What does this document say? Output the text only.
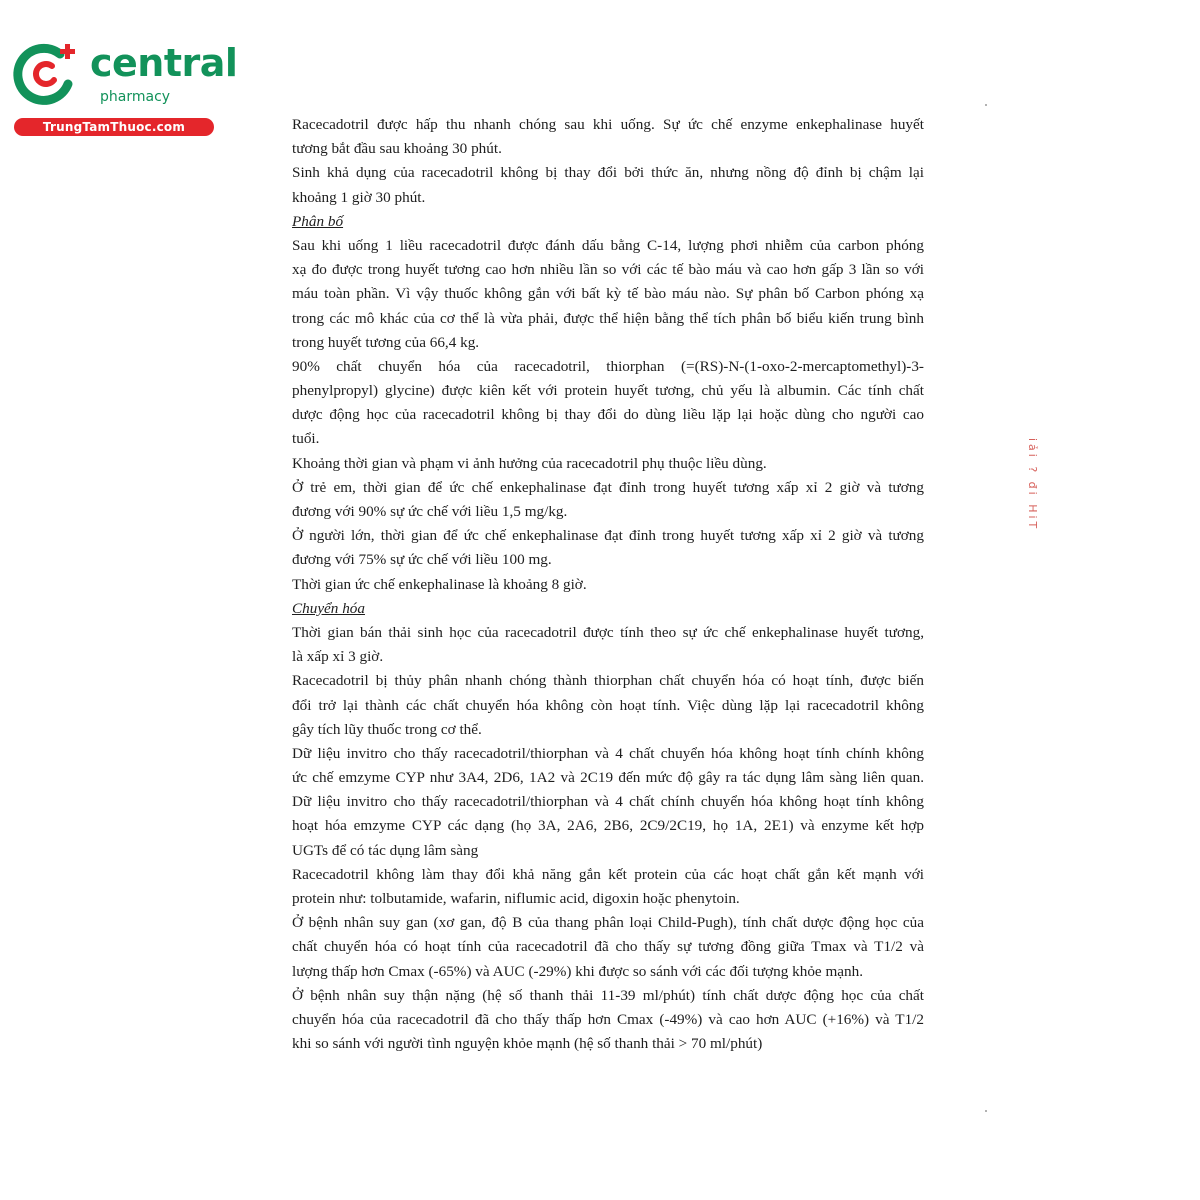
central
pharmacy
TrungTamThuoc.com	Racecadotril được hấp thu nhanh chóng sau khi uống. Sự ức chế enzyme enkephalinase huyết
tương bắt đầu sau khoảng 30 phút.
Sinh khả dụng của racecadotril không bị thay đổi bởi thức ăn, nhưng nồng độ đỉnh bị chậm lại
khoảng 1 giờ 30 phút.
Phân bố
Sau khi uống 1 liều racecadotril được đánh dấu bằng C-14, lượng phơi nhiễm của carbon phóng
xạ đo được trong huyết tương cao hơn nhiều lần so với các tế bào máu và cao hơn gấp 3 lần so với
máu toàn phần. Vì vậy thuốc không gắn với bất kỳ tế bào máu nào. Sự phân bố Carbon phóng xạ
trong các mô khác của cơ thể là vừa phải, được thể hiện bằng thể tích phân bố biểu kiến trung bình
trong huyết tương của 66,4 kg.
90% chất chuyển hóa của racecadotril, thiorphan (=(RS)-N-(1-oxo-2-mercaptomethyl)-3-
phenylpropyl) glycine) được kiên kết với protein huyết tương, chủ yếu là albumin. Các tính chất
dược động học của racecadotril không bị thay đổi do dùng liều lặp lại hoặc dùng cho người cao
tuổi.
Khoảng thời gian và phạm vi ảnh hưởng của racecadotril phụ thuộc liều dùng.
Ở trẻ em, thời gian để ức chế enkephalinase đạt đỉnh trong huyết tương xấp xỉ 2 giờ và tương
đương với 90% sự ức chế với liều 1,5 mg/kg.
Ở người lớn, thời gian để ức chế enkephalinase đạt đỉnh trong huyết tương xấp xỉ 2 giờ và tương
đương với 75% sự ức chế với liều 100 mg.
Thời gian ức chế enkephalinase là khoảng 8 giờ.
Chuyển hóa
Thời gian bán thải sinh học của racecadotril được tính theo sự ức chế enkephalinase huyết tương,
là xấp xỉ 3 giờ.
Racecadotril bị thủy phân nhanh chóng thành thiorphan chất chuyển hóa có hoạt tính, được biến
đổi trở lại thành các chất chuyển hóa không còn hoạt tính. Việc dùng lặp lại racecadotril không
gây tích lũy thuốc trong cơ thể.
Dữ liệu invitro cho thấy racecadotril/thiorphan và 4 chất chuyển hóa không hoạt tính chính không
ức chế emzyme CYP như 3A4, 2D6, 1A2 và 2C19 đến mức độ gây ra tác dụng lâm sàng liên quan.
Dữ liệu invitro cho thấy racecadotril/thiorphan và 4 chất chính chuyển hóa không hoạt tính không
hoạt hóa emzyme CYP các dạng (họ 3A, 2A6, 2B6, 2C9/2C19, họ 1A, 2E1) và enzyme kết hợp
UGTs để có tác dụng lâm sàng
Racecadotril không làm thay đổi khả năng gắn kết protein của các hoạt chất gắn kết mạnh với
protein như: tolbutamide, wafarin, niflumic acid, digoxin hoặc phenytoin.
Ở bệnh nhân suy gan (xơ gan, độ B của thang phân loại Child-Pugh), tính chất dược động học của
chất chuyển hóa có hoạt tính của racecadotril đã cho thấy sự tương đồng giữa Tmax và T1/2 và
lượng thấp hơn Cmax (-65%) và AUC (-29%) khi được so sánh với các đối tượng khỏe mạnh.
Ở bệnh nhân suy thận nặng (hệ số thanh thải 11-39 ml/phút) tính chất dược động học của chất
chuyển hóa của racecadotril đã cho thấy thấp hơn Cmax (-49%) và cao hơn AUC (+16%) và T1/2
khi so sánh với người tình nguyện khỏe mạnh (hệ số thanh thải > 70 ml/phút)
iải ? đi HiT
